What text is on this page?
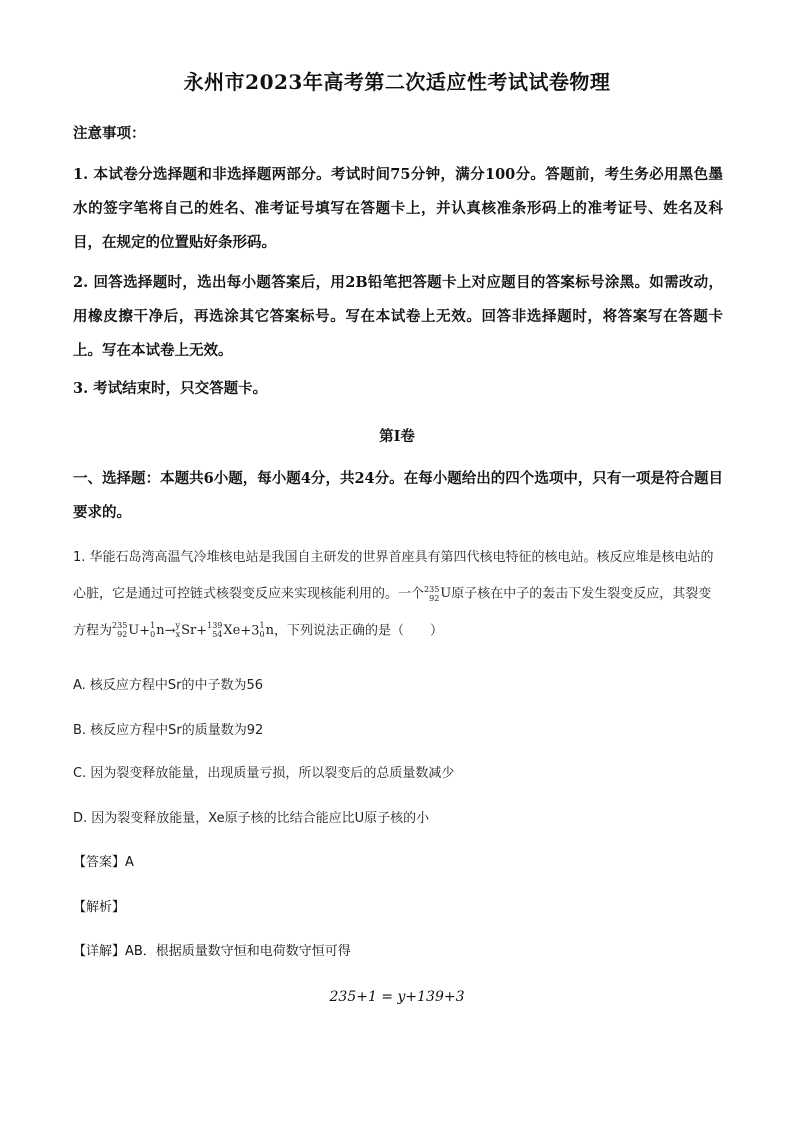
永州市2023年高考第二次适应性考试试卷物理
注意事项：
1. 本试卷分选择题和非选择题两部分。考试时间75分钟，满分100分。答题前，考生务必用黑色墨水的签字笔将自己的姓名、准考证号填写在答题卡上，并认真核准条形码上的准考证号、姓名及科目，在规定的位置贴好条形码。
2. 回答选择题时，选出每小题答案后，用2B铅笔把答题卡上对应题目的答案标号涂黑。如需改动，用橡皮擦干净后，再选涂其它答案标号。写在本试卷上无效。回答非选择题时，将答案写在答题卡上。写在本试卷上无效。
3. 考试结束时，只交答题卡。
第Ⅰ卷
一、选择题：本题共6小题，每小题4分，共24分。在每小题给出的四个选项中，只有一项是符合题目要求的。
1. 华能石岛湾高温气冷堆核电站是我国自主研发的世界首座具有第四代核电特征的核电站。核反应堆是核电站的心脏，它是通过可控链式核裂变反应来实现核能利用的。一个 235
92 U原子核在中子的轰击下发生裂变反应，其裂变方程为 235
92 U+ 1
0 n→ y
x Sr+ 139
54 Xe+3 1
0 n，下列说法正确的是（　　）
A. 核反应方程中Sr的中子数为56
B. 核反应方程中Sr的质量数为92
C. 因为裂变释放能量，出现质量亏损，所以裂变后的总质量数减少
D. 因为裂变释放能量，Xe原子核的比结合能应比U原子核的小
【答案】A
【解析】
【详解】AB．根据质量数守恒和电荷数守恒可得
235+1 = y+139+3
